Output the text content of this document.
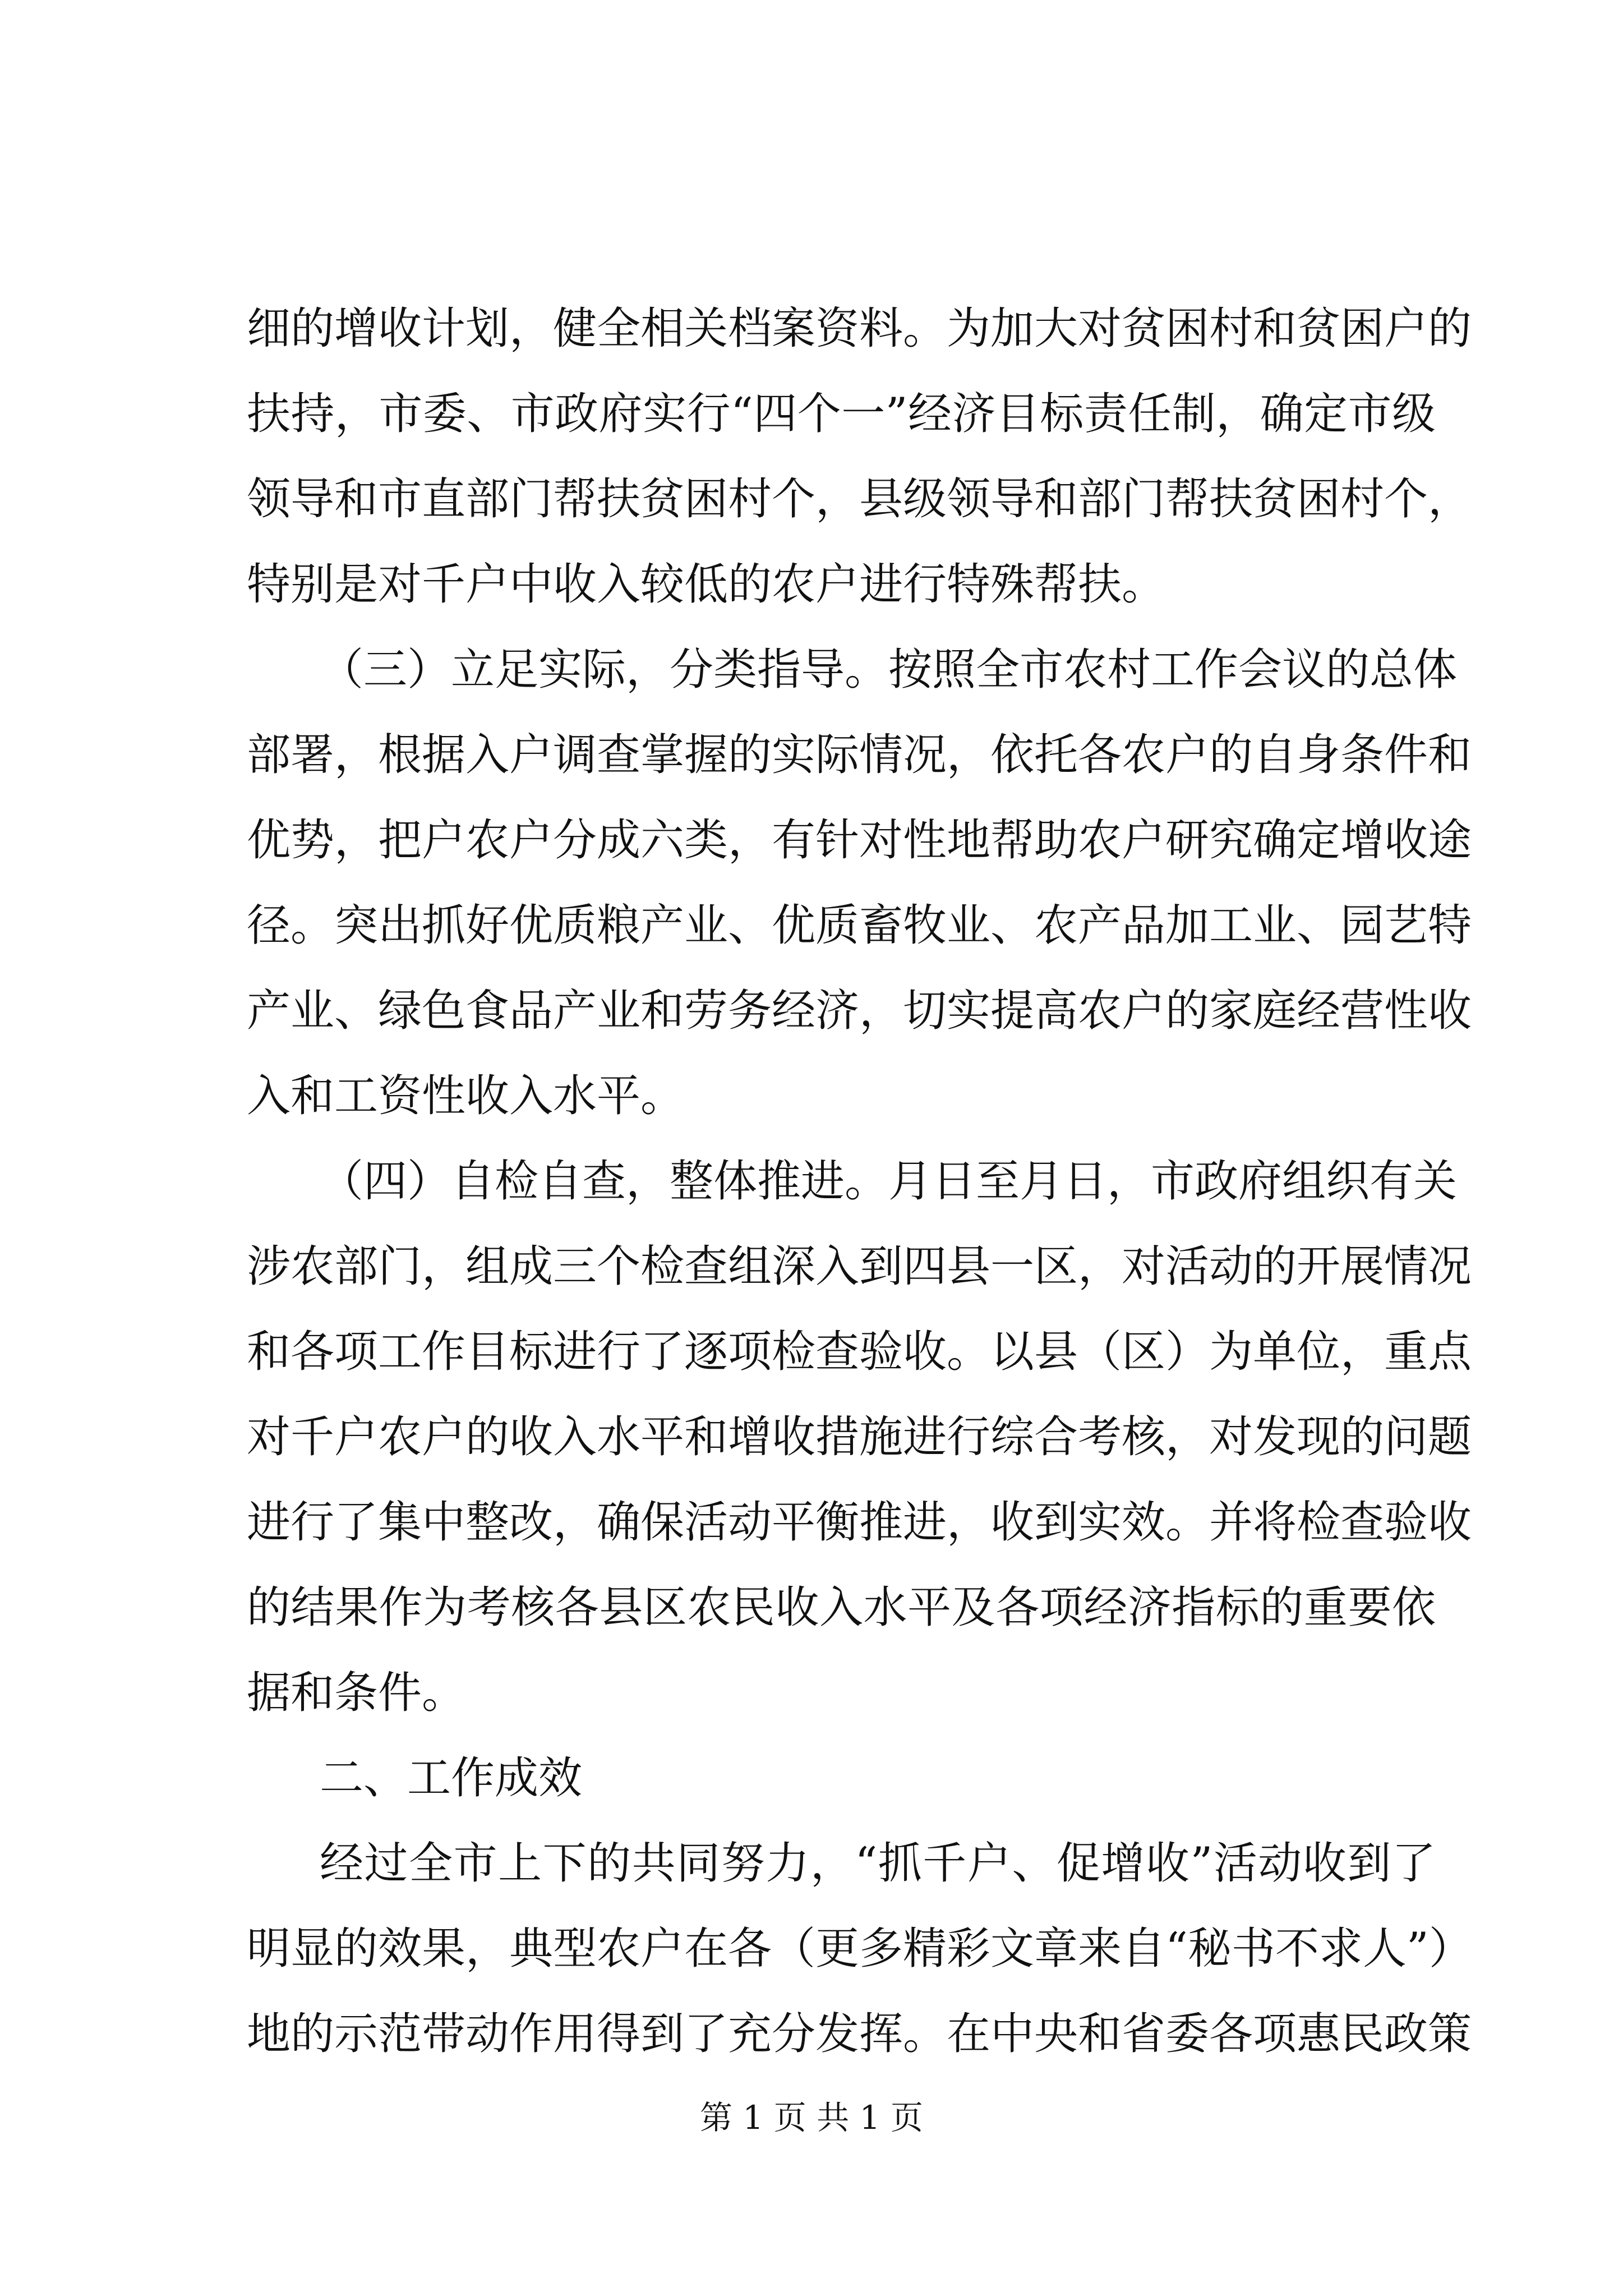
细的增收计划，健全相关档案资料。为加大对贫困村和贫困户的
扶持，市委、市政府实行“四个一”经济目标责任制，确定市级
领导和市直部门帮扶贫困村个，县级领导和部门帮扶贫困村个，
特别是对千户中收入较低的农户进行特殊帮扶。
（三）立足实际，分类指导。按照全市农村工作会议的总体
部署，根据入户调查掌握的实际情况，依托各农户的自身条件和
优势，把户农户分成六类，有针对性地帮助农户研究确定增收途
径。突出抓好优质粮产业、优质畜牧业、农产品加工业、园艺特
产业、绿色食品产业和劳务经济，切实提高农户的家庭经营性收
入和工资性收入水平。
（四）自检自查，整体推进。月日至月日，市政府组织有关
涉农部门，组成三个检查组深入到四县一区，对活动的开展情况
和各项工作目标进行了逐项检查验收。以县（区）为单位，重点
对千户农户的收入水平和增收措施进行综合考核，对发现的问题
进行了集中整改，确保活动平衡推进，收到实效。并将检查验收
的结果作为考核各县区农民收入水平及各项经济指标的重要依
据和条件。
二、工作成效
经过全市上下的共同努力，“抓千户、促增收”活动收到了
明显的效果，典型农户在各（更多精彩文章来自“秘书不求人”）
地的示范带动作用得到了充分发挥。在中央和省委各项惠民政策
第 1 页 共 1 页
